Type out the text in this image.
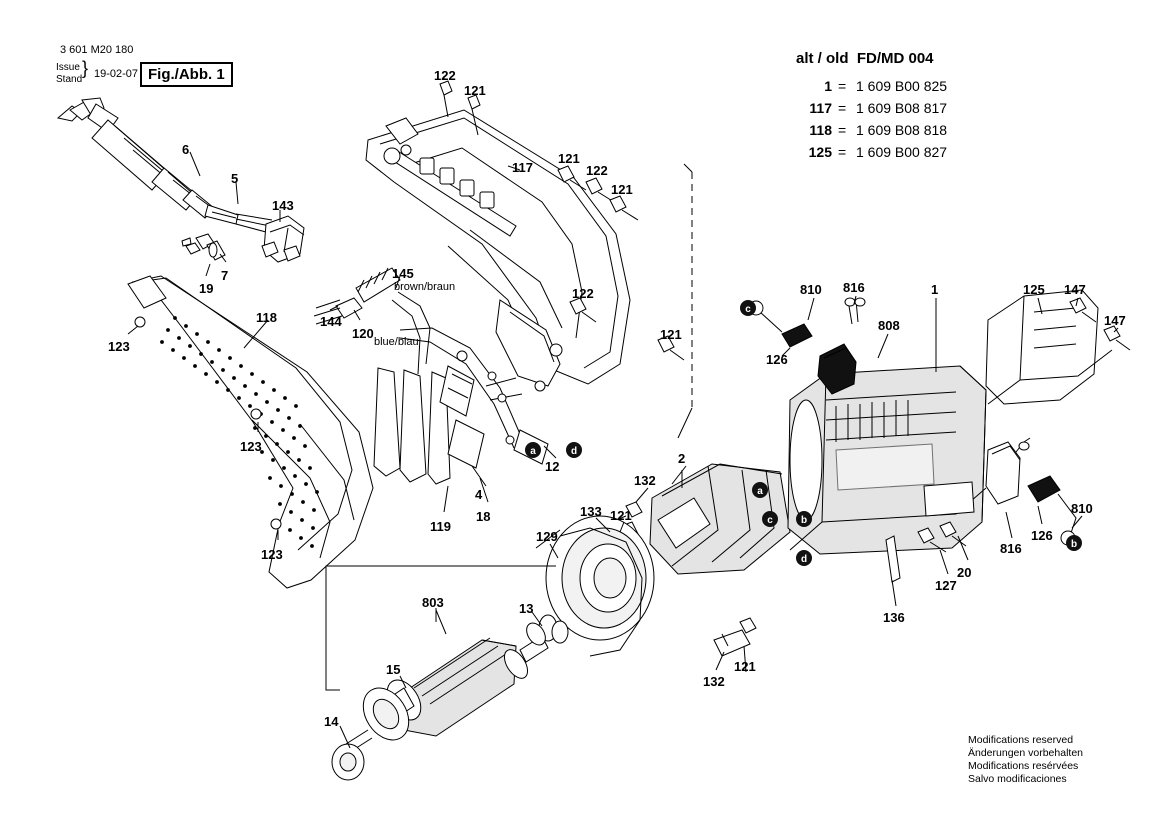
c
a
c	b
d
b
a	d
3 601 M20 180
Issue
Stand
} 19-02-07 Fig./Abb. 1
alt / old  FD/MD 004
1 = 1 609 B00 825
117 = 1 609 B08 817
118 = 1 609 B08 818
125 = 1 609 B00 827
brown/braun
blue/blau
122
121
6
5
143
117
121
122
121
7
19
145
144
120
122
121
118
123
123
123
119
18
4
12
810 816
808
1	125 147
147
126
2
132
121
133
129
13
803
15
14
132
121
136
127
20
816
126
810
Modifications reserved
Änderungen vorbehalten
Modifications resérvées
Salvo modificaciones
